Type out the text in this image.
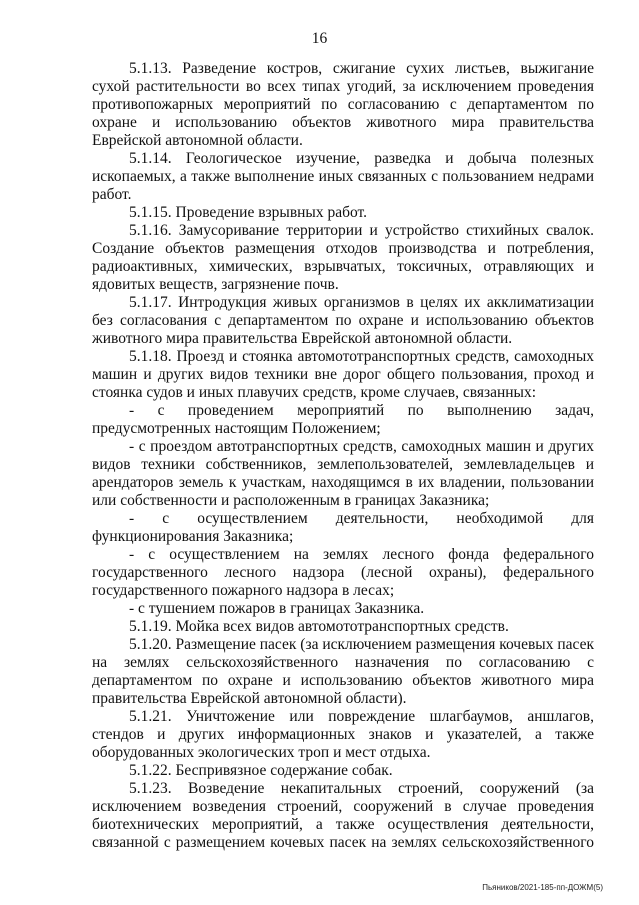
16

5.1.13. Разведение костров, сжигание сухих листьев, выжигание сухой растительности во всех типах угодий, за исключением проведения противопожарных мероприятий по согласованию с департаментом по охране и использованию объектов животного мира правительства Еврейской автономной области.

5.1.14. Геологическое изучение, разведка и добыча полезных ископаемых, а также выполнение иных связанных с пользованием недрами работ.

5.1.15. Проведение взрывных работ.

5.1.16. Замусоривание территории и устройство стихийных свалок. Создание объектов размещения отходов производства и потребления, радиоактивных, химических, взрывчатых, токсичных, отравляющих и ядовитых веществ, загрязнение почв.

5.1.17. Интродукция живых организмов в целях их акклиматизации без согласования с департаментом по охране и использованию объектов животного мира правительства Еврейской автономной области.

5.1.18. Проезд и стоянка автомототранспортных средств, самоходных машин и других видов техники вне дорог общего пользования, проход и стоянка судов и иных плавучих средств, кроме случаев, связанных:

- с проведением мероприятий по выполнению задач, предусмотренных настоящим Положением;

- с проездом автотранспортных средств, самоходных машин и других видов техники собственников, землепользователей, землевладельцев и арендаторов земель к участкам, находящимся в их владении, пользовании или собственности и расположенным в границах Заказника;

- с осуществлением деятельности, необходимой для функционирования Заказника;

- с осуществлением на землях лесного фонда федерального государственного лесного надзора (лесной охраны), федерального государственного пожарного надзора в лесах;

- с тушением пожаров в границах Заказника.

5.1.19. Мойка всех видов автомототранспортных средств.

5.1.20. Размещение пасек (за исключением размещения кочевых пасек на землях сельскохозяйственного назначения по согласованию с департаментом по охране и использованию объектов животного мира правительства Еврейской автономной области).

5.1.21. Уничтожение или повреждение шлагбаумов, аншлагов, стендов и других информационных знаков и указателей, а также оборудованных экологических троп и мест отдыха.

5.1.22. Беспривязное содержание собак.

5.1.23. Возведение некапитальных строений, сооружений (за исключением возведения строений, сооружений в случае проведения биотехнических мероприятий, а также осуществления деятельности, связанной с размещением кочевых пасек на землях сельскохозяйственного

Пьяников/2021-185-пп-ДОЖМ(5)
